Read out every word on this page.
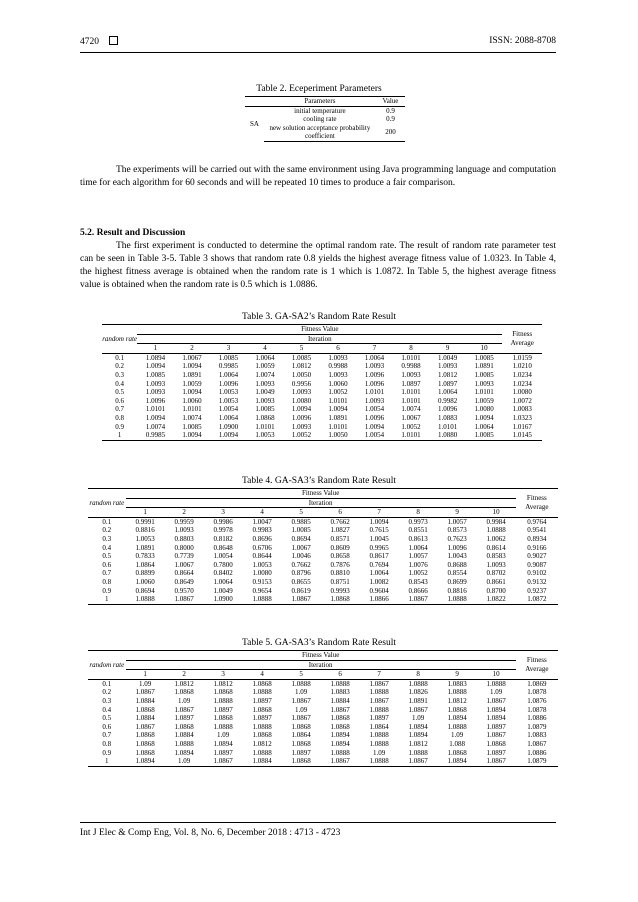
4720	ISSN: 2088-8708
Table 2. Eceperiment Parameters
	Parameters	Value
SA	initial temperature	0.9
	cooling rate	0.9
	new solution acceptance probability coefficient	200
The experiments will be carried out with the same environment using Java programming language and computation time for each algorithm for 60 seconds and will be repeated 10 times to produce a fair comparison.
5.2. Result and Discussion
The first experiment is conducted to determine the optimal random rate. The result of random rate parameter test can be seen in Table 3-5. Table 3 shows that random rate 0.8 yields the highest average fitness value of 1.0323. In Table 4, the highest fitness average is obtained when the random rate is 1 which is 1.0872. In Table 5, the highest average fitness value is obtained when the random rate is 0.5 which is 1.0886.
Table 3. GA-SA2’s Random Rate Result
random rate	Fitness Value										Fitness Average
	Iteration										
	1	2	3	4	5	6	7	8	9	10	
0.1	1.0894	1.0067	1.0085	1.0064	1.0085	1.0093	1.0064	1.0101	1.0049	1.0085	1.0159
0.2	1.0094	1.0094	0.9985	1.0059	1.0812	0.9988	1.0093	0.9988	1.0093	1.0891	1.0210
0.3	1.0085	1.0891	1.0064	1.0074	1.0050	1.0093	1.0096	1.0093	1.0812	1.0085	1.0234
0.4	1.0093	1.0059	1.0096	1.0093	0.9956	1.0060	1.0096	1.0897	1.0897	1.0093	1.0234
0.5	1.0093	1.0094	1.0053	1.0049	1.0093	1.0052	1.0101	1.0101	1.0064	1.0101	1.0080
0.6	1.0096	1.0060	1.0053	1.0093	1.0080	1.0101	1.0093	1.0101	0.9982	1.0059	1.0072
0.7	1.0101	1.0101	1.0054	1.0085	1.0094	1.0094	1.0054	1.0074	1.0096	1.0080	1.0083
0.8	1.0094	1.0074	1.0064	1.0868	1.0096	1.0891	1.0096	1.0067	1.0883	1.0094	1.0323
0.9	1.0074	1.0085	1.0900	1.0101	1.0093	1.0101	1.0094	1.0052	1.0101	1.0064	1.0167
1	0.9985	1.0094	1.0094	1.0053	1.0052	1.0050	1.0054	1.0101	1.0880	1.0085	1.0145
Table 4. GA-SA3’s Random Rate Result
random rate	Fitness Value										Fitness Average
	Iteration										
	1	2	3	4	5	6	7	8	9	10	
0.1	0.9991	0.9959	0.9986	1.0047	0.9885	0.7662	1.0094	0.9973	1.0057	0.9984	0.9764
0.2	0.8816	1.0093	0.9978	0.9983	1.0085	1.0827	0.7615	0.8551	0.8573	1.0888	0.9541
0.3	1.0053	0.8803	0.8182	0.8696	0.8694	0.8571	1.0045	0.8613	0.7623	1.0062	0.8934
0.4	1.0891	0.8000	0.8648	0.6706	1.0067	0.8609	0.9965	1.0064	1.0096	0.8614	0.9166
0.5	0.7833	0.7739	1.0054	0.8644	1.0046	0.8658	0.8617	1.0057	1.0043	0.8583	0.9027
0.6	1.0864	1.0067	0.7800	1.0053	0.7662	0.7876	0.7694	1.0076	0.8688	1.0093	0.9087
0.7	0.8899	0.8664	0.8402	1.0080	0.8796	0.8810	1.0064	1.0052	0.8554	0.8702	0.9102
0.8	1.0060	0.8649	1.0064	0.9153	0.8655	0.8751	1.0082	0.8543	0.8699	0.8661	0.9132
0.9	0.8694	0.9570	1.0049	0.9654	0.8619	0.9993	0.9604	0.8666	0.8816	0.8700	0.9237
1	1.0888	1.0867	1.0900	1.0888	1.0867	1.0868	1.0866	1.0867	1.0888	1.0822	1.0872
Table 5. GA-SA3’s Random Rate Result
random rate	Fitness Value										Fitness Average
	Iteration										
	1	2	3	4	5	6	7	8	9	10	
0.1	1.09	1.0812	1.0812	1.0868	1.0888	1.0888	1.0867	1.0888	1.0883	1.0888	1.0869
0.2	1.0867	1.0868	1.0868	1.0888	1.09	1.0883	1.0888	1.0826	1.0888	1.09	1.0878
0.3	1.0884	1.09	1.0888	1.0897	1.0867	1.0884	1.0867	1.0891	1.0812	1.0867	1.0876
0.4	1.0868	1.0867	1.0897	1.0868	1.09	1.0867	1.0888	1.0867	1.0868	1.0894	1.0878
0.5	1.0884	1.0897	1.0868	1.0897	1.0867	1.0868	1.0897	1.09	1.0894	1.0894	1.0886
0.6	1.0867	1.0868	1.0888	1.0888	1.0868	1.0868	1.0864	1.0894	1.0888	1.0897	1.0879
0.7	1.0868	1.0884	1.09	1.0868	1.0864	1.0894	1.0888	1.0894	1.09	1.0867	1.0883
0.8	1.0868	1.0888	1.0894	1.0812	1.0868	1.0894	1.0888	1.0812	1.088	1.0868	1.0867
0.9	1.0868	1.0894	1.0897	1.0888	1.0897	1.0888	1.09	1.0888	1.0868	1.0897	1.0886
1	1.0894	1.09	1.0867	1.0884	1.0868	1.0867	1.0888	1.0867	1.0894	1.0867	1.0879
Int J Elec & Comp Eng, Vol. 8, No. 6, December 2018 : 4713 - 4723
